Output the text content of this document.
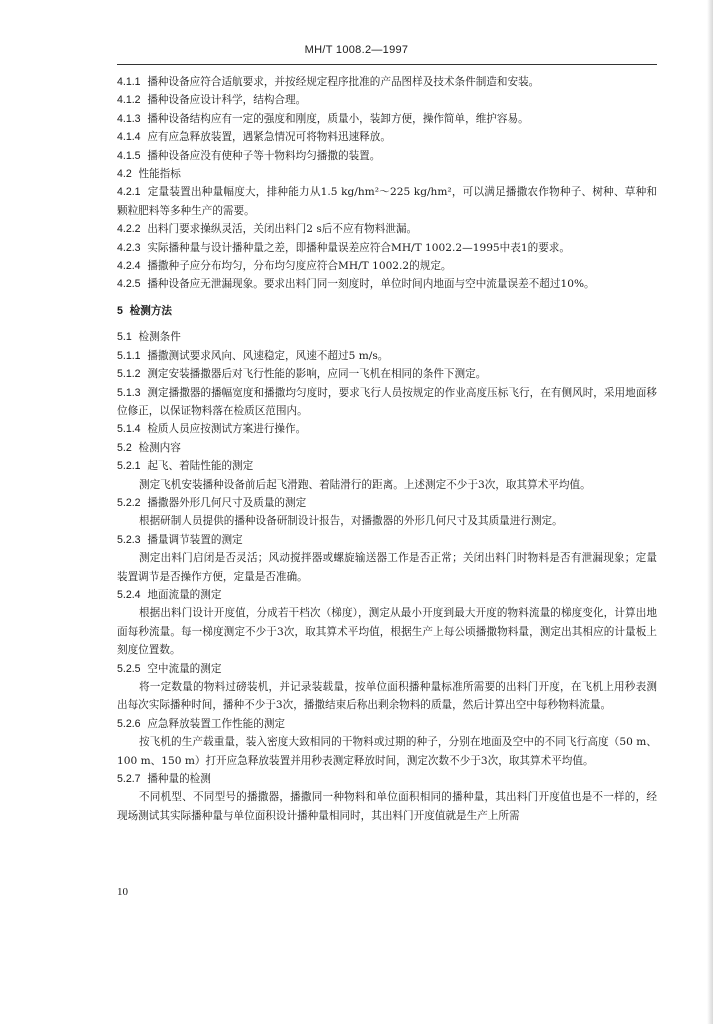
MH/T 1008.2—1997

4.1.1 播种设备应符合适航要求，并按经规定程序批准的产品图样及技术条件制造和安装。

4.1.2 播种设备应设计科学，结构合理。

4.1.3 播种设备结构应有一定的强度和刚度，质量小，装卸方便，操作简单，维护容易。

4.1.4 应有应急释放装置，遇紧急情况可将物料迅速释放。

4.1.5 播种设备应没有使种子等十物料均匀播撒的装置。

4.2 性能指标

4.2.1 定量装置出种量幅度大，排种能力从1.5 kg/hm²～225 kg/hm²，可以满足播撒农作物种子、树种、草种和颗粒肥料等多种生产的需要。

4.2.2 出料门要求操纵灵活，关闭出料门2 s后不应有物料泄漏。

4.2.3 实际播种量与设计播种量之差，即播种量误差应符合MH/T 1002.2—1995中表1的要求。

4.2.4 播撒种子应分布均匀，分布均匀度应符合MH/T 1002.2的规定。

4.2.5 播种设备应无泄漏现象。要求出料门同一刻度时，单位时间内地面与空中流量误差不超过10%。

5 检测方法

5.1 检测条件

5.1.1 播撒测试要求风向、风速稳定，风速不超过5 m/s。

5.1.2 测定安装播撒器后对飞行性能的影响，应同一飞机在相同的条件下测定。

5.1.3 测定播撒器的播幅宽度和播撒均匀度时，要求飞行人员按规定的作业高度压标飞行，在有侧风时，采用地面移位修正，以保证物料落在检质区范围内。

5.1.4 检质人员应按测试方案进行操作。

5.2 检测内容

5.2.1 起飞、着陆性能的测定

测定飞机安装播种设备前后起飞滑跑、着陆滑行的距离。上述测定不少于3次，取其算术平均值。

5.2.2 播撒器外形几何尺寸及质量的测定

根据研制人员提供的播种设备研制设计报告，对播撒器的外形几何尺寸及其质量进行测定。

5.2.3 播量调节装置的测定

测定出料门启闭是否灵活；风动搅拌器或螺旋输送器工作是否正常；关闭出料门时物料是否有泄漏现象；定量装置调节是否操作方便，定量是否准确。

5.2.4 地面流量的测定

根据出料门设计开度值，分成若干档次（梯度），测定从最小开度到最大开度的物料流量的梯度变化，计算出地面每秒流量。每一梯度测定不少于3次，取其算术平均值，根据生产上每公顷播撒物料量，测定出其相应的计量板上刻度位置数。

5.2.5 空中流量的测定

将一定数量的物料过磅装机，并记录装载量，按单位面积播种量标准所需要的出料门开度，在飞机上用秒表测出每次实际播种时间，播种不少于3次，播撒结束后称出剩余物料的质量，然后计算出空中每秒物料流量。

5.2.6 应急释放装置工作性能的测定

按飞机的生产载重量，装入密度大致相同的干物料或过期的种子，分别在地面及空中的不同飞行高度（50 m、100 m、150 m）打开应急释放装置并用秒表测定释放时间，测定次数不少于3次，取其算术平均值。

5.2.7 播种量的检测

不同机型、不同型号的播撒器，播撒同一种物料和单位面积相同的播种量，其出料门开度值也是不一样的，经现场测试其实际播种量与单位面积设计播种量相同时，其出料门开度值就是生产上所需

10
